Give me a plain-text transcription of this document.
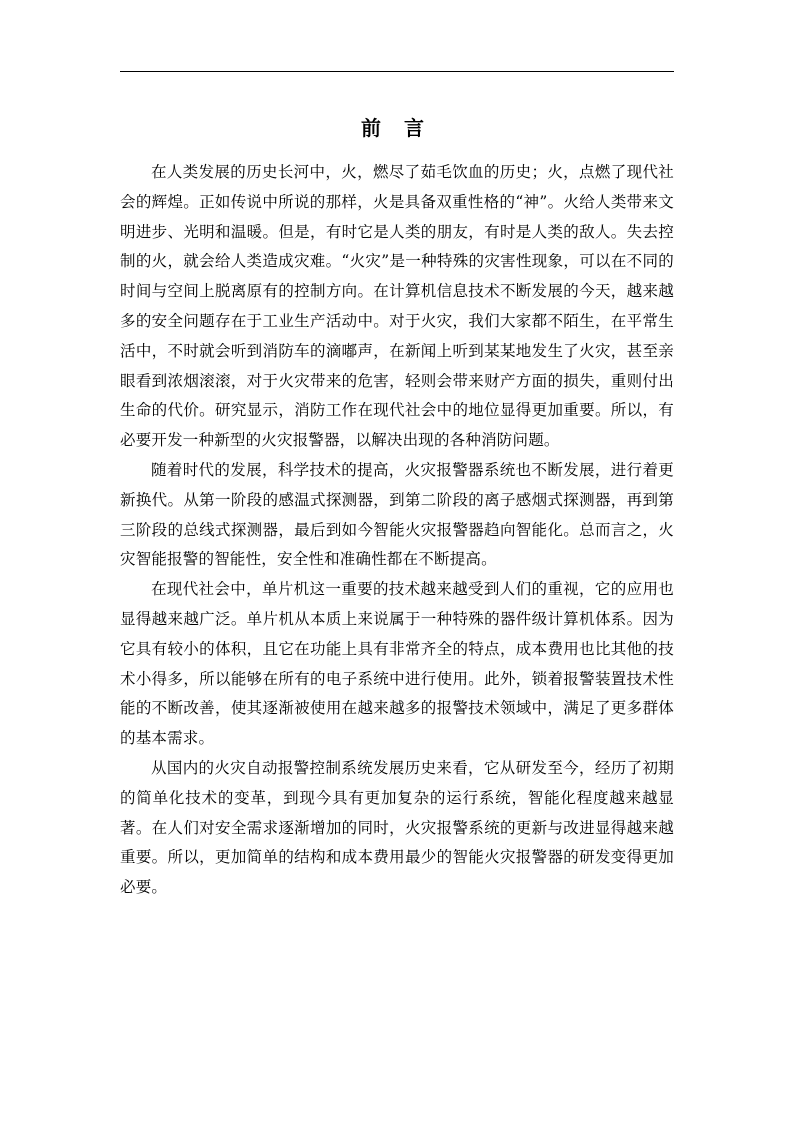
前 言

在人类发展的历史长河中，火，燃尽了茹毛饮血的历史；火，点燃了现代社会的辉煌。正如传说中所说的那样，火是具备双重性格的“神”。火给人类带来文明进步、光明和温暖。但是，有时它是人类的朋友，有时是人类的敌人。失去控制的火，就会给人类造成灾难。“火灾”是一种特殊的灾害性现象，可以在不同的时间与空间上脱离原有的控制方向。在计算机信息技术不断发展的今天，越来越多的安全问题存在于工业生产活动中。对于火灾，我们大家都不陌生，在平常生活中，不时就会听到消防车的滴嘟声，在新闻上听到某某地发生了火灾，甚至亲眼看到浓烟滚滚，对于火灾带来的危害，轻则会带来财产方面的损失，重则付出生命的代价。研究显示，消防工作在现代社会中的地位显得更加重要。所以，有必要开发一种新型的火灾报警器，以解决出现的各种消防问题。

随着时代的发展，科学技术的提高，火灾报警器系统也不断发展，进行着更新换代。从第一阶段的感温式探测器，到第二阶段的离子感烟式探测器，再到第三阶段的总线式探测器，最后到如今智能火灾报警器趋向智能化。总而言之，火灾智能报警的智能性，安全性和准确性都在不断提高。

在现代社会中，单片机这一重要的技术越来越受到人们的重视，它的应用也显得越来越广泛。单片机从本质上来说属于一种特殊的器件级计算机体系。因为它具有较小的体积，且它在功能上具有非常齐全的特点，成本费用也比其他的技术小得多，所以能够在所有的电子系统中进行使用。此外，锁着报警装置技术性能的不断改善，使其逐渐被使用在越来越多的报警技术领域中，满足了更多群体的基本需求。

从国内的火灾自动报警控制系统发展历史来看，它从研发至今，经历了初期的简单化技术的变革，到现今具有更加复杂的运行系统，智能化程度越来越显著。在人们对安全需求逐渐增加的同时，火灾报警系统的更新与改进显得越来越重要。所以，更加简单的结构和成本费用最少的智能火灾报警器的研发变得更加必要。
